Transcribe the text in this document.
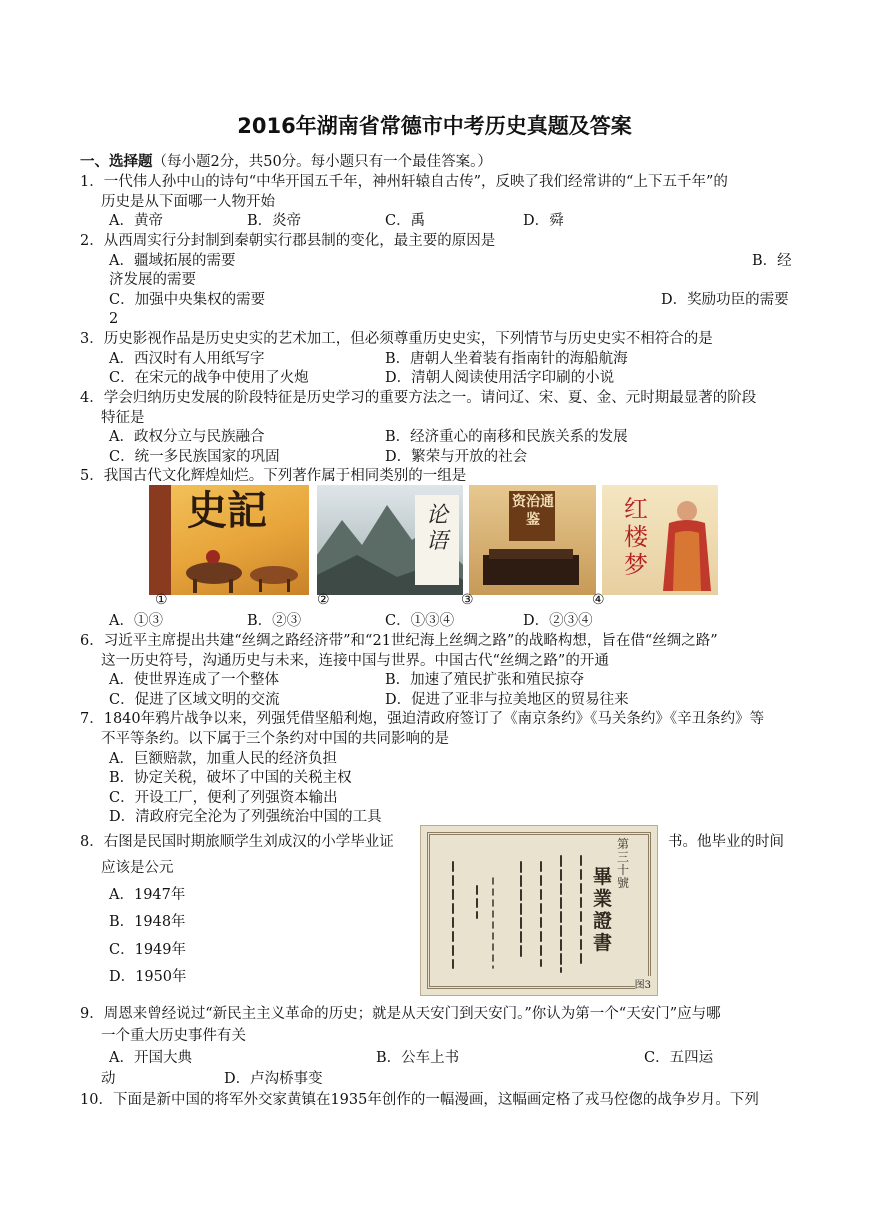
2016年湖南省常德市中考历史真题及答案
一、选择题（每小题2分，共50分。每小题只有一个最佳答案。）
1．一代伟人孙中山的诗句“中华开国五千年，神州轩辕自古传”，反映了我们经常讲的“上下五千年”的
历史是从下面哪一人物开始
A．黄帝	B．炎帝	C．禹	D．舜
2．从西周实行分封制到秦朝实行郡县制的变化，最主要的原因是
A．疆域拓展的需要	B．经
济发展的需要
C．加强中央集权的需要	D．奖励功臣的需要
2
3．历史影视作品是历史史实的艺术加工，但必须尊重历史史实，下列情节与历史史实不相符合的是
A．西汉时有人用纸写字	B．唐朝人坐着装有指南针的海船航海
C．在宋元的战争中使用了火炮	D．清朝人阅读使用活字印刷的小说
4．学会归纳历史发展的阶段特征是历史学习的重要方法之一。请问辽、宋、夏、金、元时期最显著的阶段
特征是
A．政权分立与民族融合	B．经济重心的南移和民族关系的发展
C．统一多民族国家的巩固	D．繁荣与开放的社会
5．我国古代文化辉煌灿烂。下列著作属于相同类别的一组是
史記	论语
资治通鉴	红楼梦
①	②	③	④
A．①③	B．②③	C．①③④	D．②③④
6．习近平主席提出共建“丝绸之路经济带”和“21世纪海上丝绸之路”的战略构想，旨在借“丝绸之路”
这一历史符号，沟通历史与未来，连接中国与世界。中国古代“丝绸之路”的开通
A．使世界连成了一个整体	B．加速了殖民扩张和殖民掠夺
C．促进了区域文明的交流	D．促进了亚非与拉美地区的贸易往来
7．1840年鸦片战争以来，列强凭借坚船利炮，强迫清政府签订了《南京条约》《马关条约》《辛丑条约》等
不平等条约。以下属于三个条约对中国的共同影响的是
A．巨额赔款，加重人民的经济负担
B．协定关税，破坏了中国的关税主权
C．开设工厂，便利了列强资本输出
D．清政府完全沦为了列强统治中国的工具
8．右图是民国时期旅顺学生刘成汉的小学毕业证	书。他毕业的时间
应该是公元
A．1947年
B．1948年
C．1949年
D．1950年
第三十號
畢業證書
图3
9．周恩来曾经说过“新民主主义革命的历史；就是从天安门到天安门。”你认为第一个“天安门”应与哪
一个重大历史事件有关
A．开国大典	B．公车上书	C．五四运
动	D．卢沟桥事变
10．下面是新中国的将军外交家黄镇在1935年创作的一幅漫画，这幅画定格了戎马倥偬的战争岁月。下列
